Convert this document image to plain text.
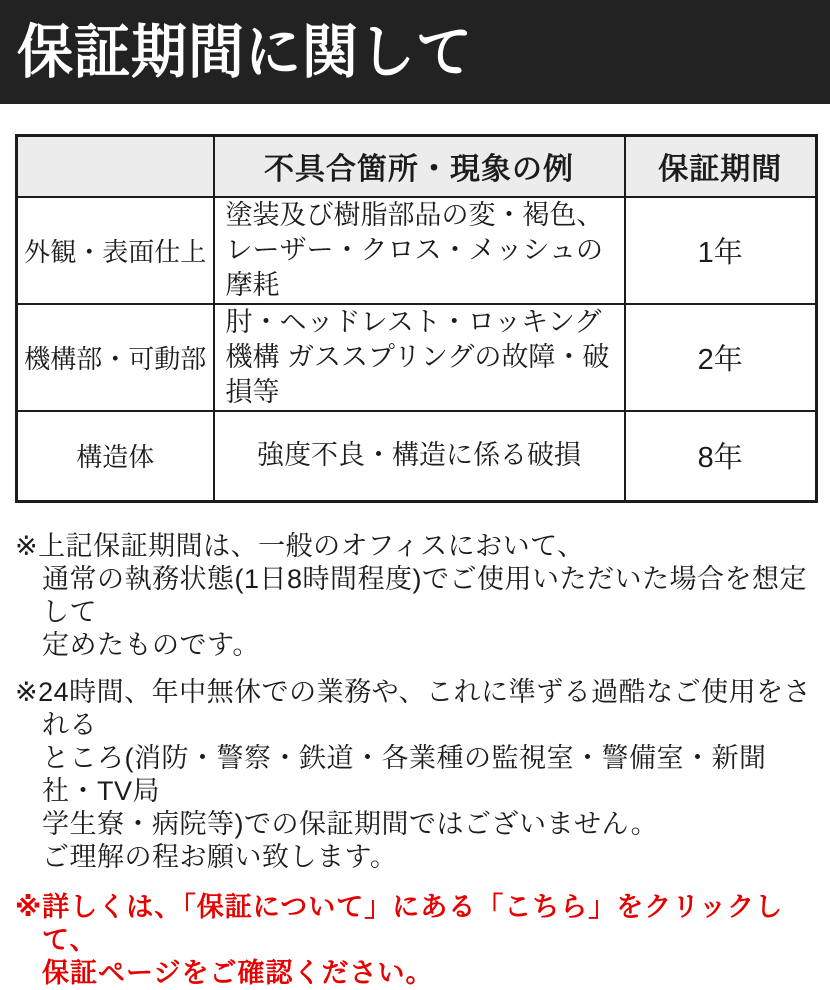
保証期間に関して
	不具合箇所・現象の例	保証期間
外観・表面仕上	塗装及び樹脂部品の変・褐色、 レーザー・クロス・メッシュの摩耗	1年
機構部・可動部	肘・ヘッドレスト・ロッキング機構 ガススプリングの故障・破損等	2年
構造体	強度不良・構造に係る破損	8年
※上記保証期間は、一般のオフィスにおいて、
通常の執務状態(1日8時間程度)でご使用いただいた場合を想定して
定めたものです。
※24時間、年中無休での業務や、これに準ずる過酷なご使用をされる
ところ(消防・警察・鉄道・各業種の監視室・警備室・新聞社・TV局
学生寮・病院等)での保証期間ではございません。
ご理解の程お願い致します。
※詳しくは、「保証について」にある「こちら」をクリックして、
保証ページをご確認ください。
